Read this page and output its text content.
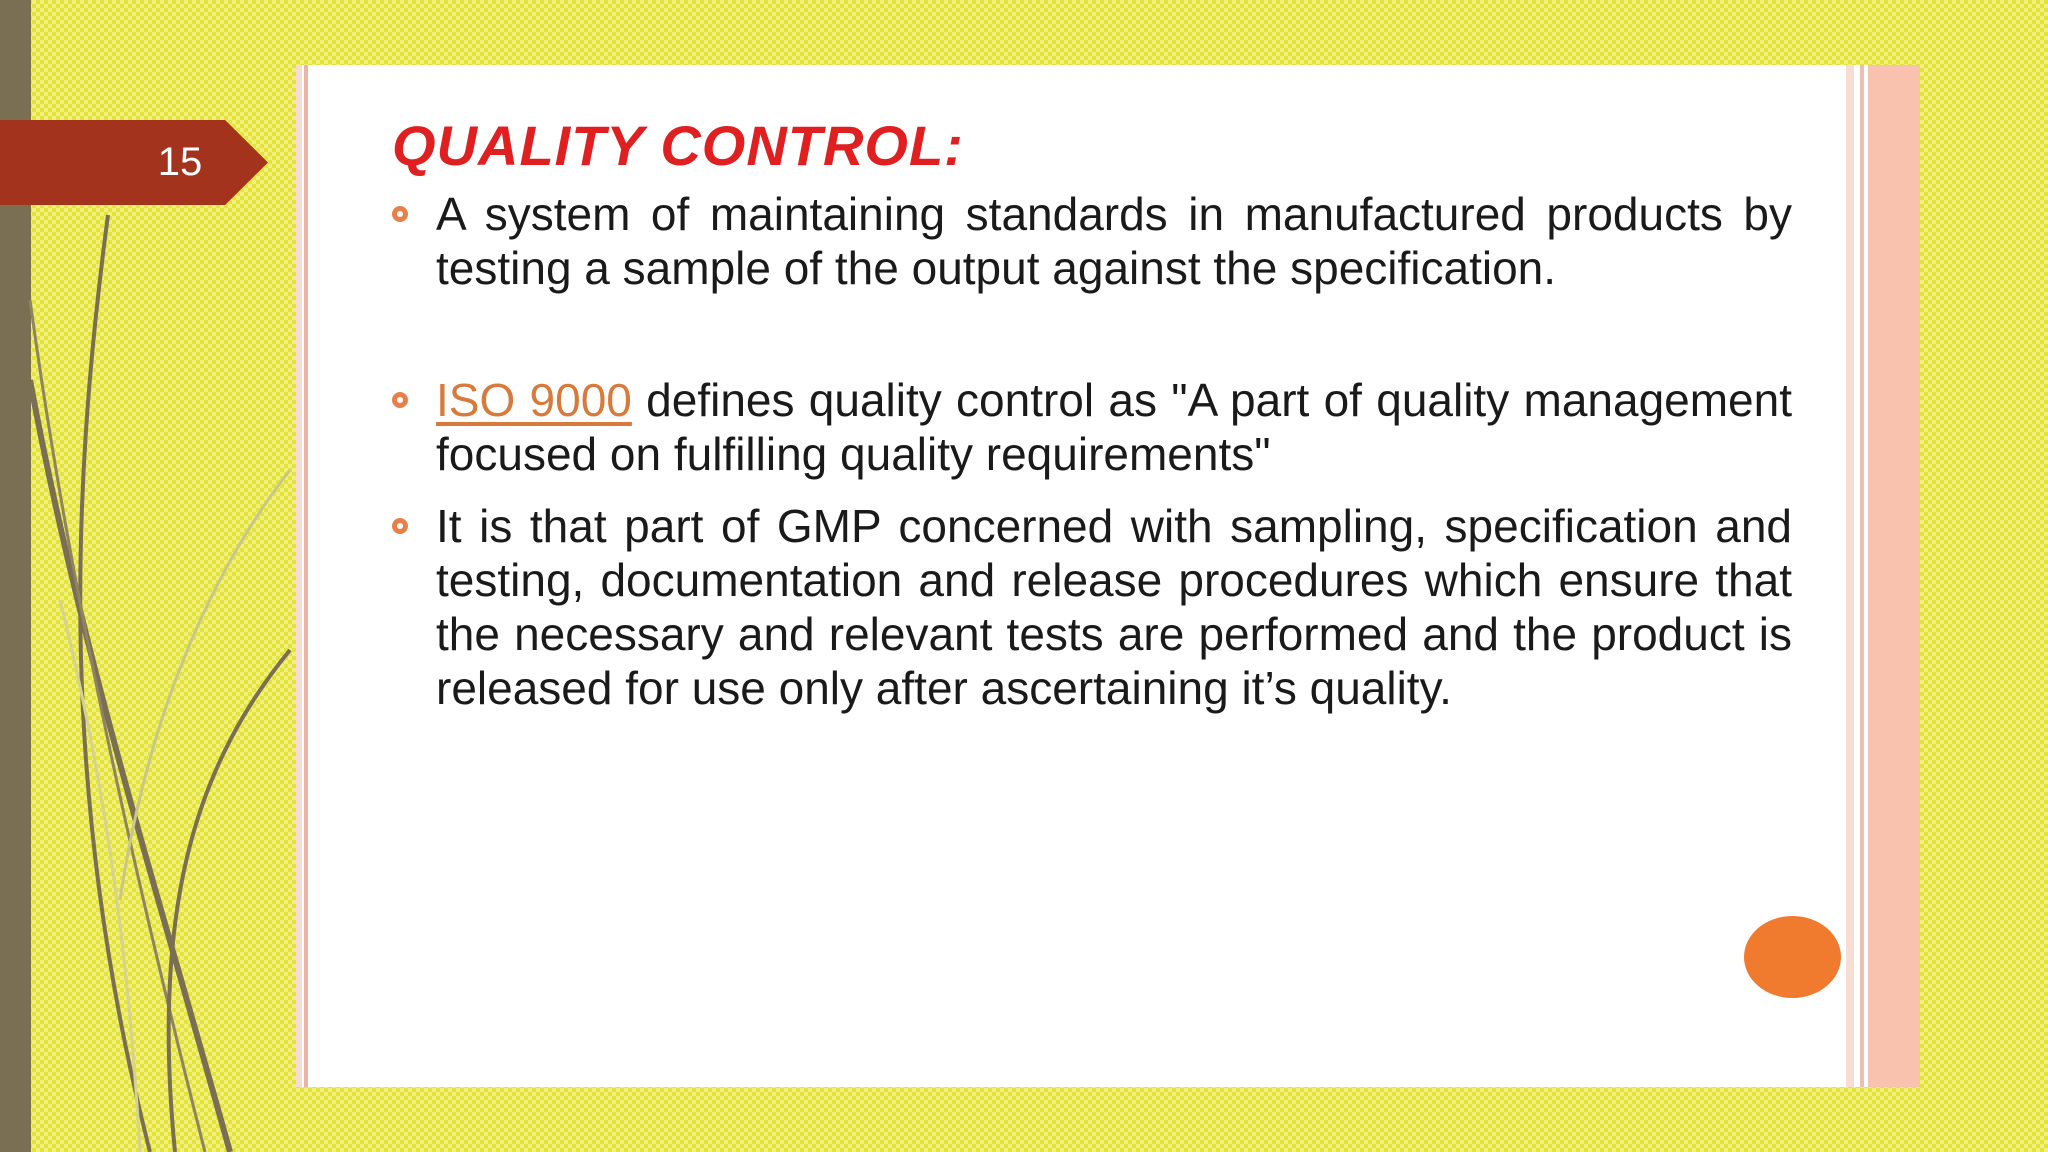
15	QUALITY CONTROL:
A system of maintaining standards in manufactured products by testing a sample of the output against the specification.
ISO 9000 defines quality control as "A part of quality management focused on fulfilling quality requirements"
It is that part of GMP concerned with sampling, specification and testing, documentation and release procedures which ensure that the necessary and relevant tests are performed and the product is released for use only after ascertaining it’s quality.
